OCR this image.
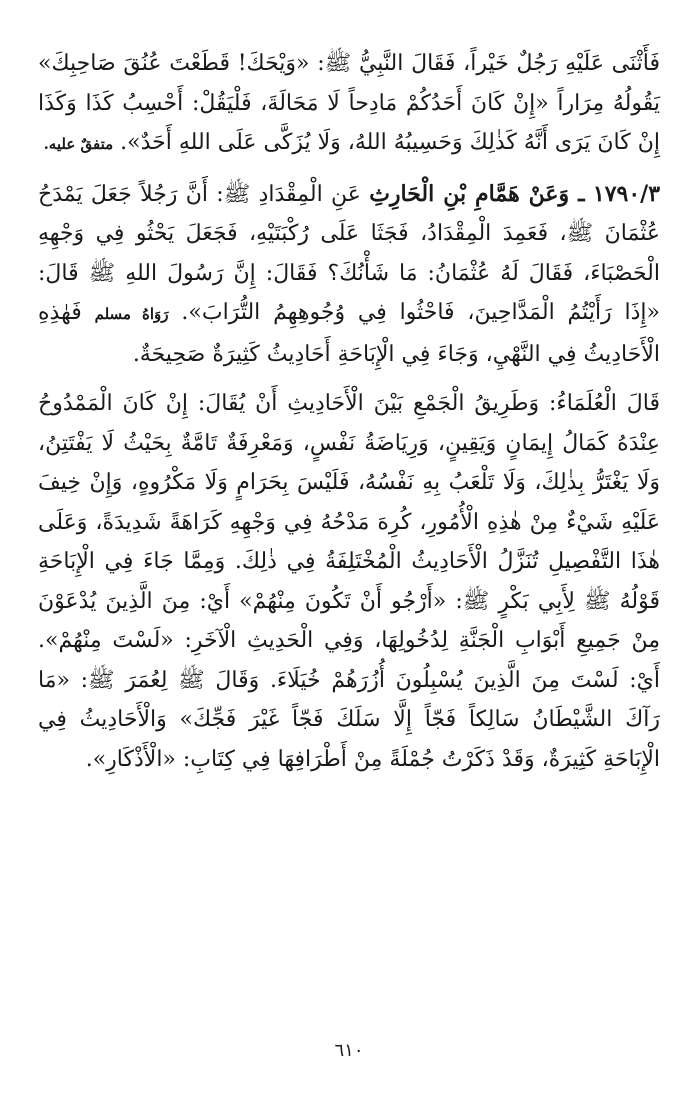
فَأَثْنَى عَلَيْهِ رَجُلٌ خَيْراً، فَقَالَ النَّبِيُّ ﷺ: «وَيْحَكَ! قَطَعْتَ عُنُقَ صَاحِبِكَ» يَقُولُهُ مِرَاراً «إِنْ كَانَ أَحَدُكُمْ مَادِحاً لَا مَحَالَةَ، فَلْيَقُلْ: أَحْسِبُ كَذَا وَكَذَا إِنْ كَانَ يَرَى أَنَّهُ كَذٰلِكَ وَحَسِيبُهُ اللهُ، وَلَا يُزَكَّى عَلَى اللهِ أَحَدٌ». متفقٌ عليه.

١٧٩٠/٣ ـ وَعَنْ هَمَّامِ بْنِ الْحَارِثِ عَنِ الْمِقْدَادِ ﷺ: أَنَّ رَجُلاً جَعَلَ يَمْدَحُ عُثْمَانَ ﷺ، فَعَمِدَ الْمِقْدَادُ، فَجَثَا عَلَى رُكْبَتَيْهِ، فَجَعَلَ يَحْثُو فِي وَجْهِهِ الْحَصْبَاءَ، فَقَالَ لَهُ عُثْمَانُ: مَا شَأْنُكَ؟ فَقَالَ: إِنَّ رَسُولَ اللهِ ﷺ قَالَ: «إِذَا رَأَيْتُمُ الْمَدَّاحِينَ، فَاحْثُوا فِي وُجُوهِهِمُ التُّرَابَ». رَوَاهُ مسلم فَهٰذِهِ الْأَحَادِيثُ فِي النَّهْيِ، وَجَاءَ فِي الْإِبَاحَةِ أَحَادِيثُ كَثِيرَةٌ صَحِيحَةٌ.

قَالَ الْعُلَمَاءُ: وَطَرِيقُ الْجَمْعِ بَيْنَ الْأَحَادِيثِ أَنْ يُقَالَ: إِنْ كَانَ الْمَمْدُوحُ عِنْدَهُ كَمَالُ إِيمَانٍ وَيَقِينٍ، وَرِيَاضَةُ نَفْسٍ، وَمَعْرِفَةٌ تَامَّةٌ بِحَيْثُ لَا يَفْتَتِنُ، وَلَا يَغْتَرُّ بِذٰلِكَ، وَلَا تَلْعَبُ بِهِ نَفْسُهُ، فَلَيْسَ بِحَرَامٍ وَلَا مَكْرُوهٍ، وَإِنْ خِيفَ عَلَيْهِ شَيْءٌ مِنْ هٰذِهِ الْأُمُورِ، كُرِهَ مَدْحُهُ فِي وَجْهِهِ كَرَاهَةً شَدِيدَةً، وَعَلَى هٰذَا التَّفْصِيلِ تُنَزَّلُ الْأَحَادِيثُ الْمُخْتَلِفَةُ فِي ذٰلِكَ. وَمِمَّا جَاءَ فِي الْإِبَاحَةِ قَوْلُهُ ﷺ لِأَبِي بَكْرٍ ﷺ: «أَرْجُو أَنْ تَكُونَ مِنْهُمْ» أَيْ: مِنَ الَّذِينَ يُدْعَوْنَ مِنْ جَمِيعِ أَبْوَابِ الْجَنَّةِ لِدُخُولِهَا، وَفِي الْحَدِيثِ الْآخَرِ: «لَسْتَ مِنْهُمْ». أَيْ: لَسْتَ مِنَ الَّذِينَ يُسْبِلُونَ أُزُرَهُمْ خُيَلَاءَ. وَقَالَ ﷺ لِعُمَرَ ﷺ: «مَا رَآكَ الشَّيْطَانُ سَالِكاً فَجّاً إِلَّا سَلَكَ فَجّاً غَيْرَ فَجِّكَ» وَالْأَحَادِيثُ فِي الْإِبَاحَةِ كَثِيرَةٌ، وَقَدْ ذَكَرْتُ جُمْلَةً مِنْ أَطْرَافِهَا فِي كِتَابِ: «الْأَذْكَارِ».

٦١٠
